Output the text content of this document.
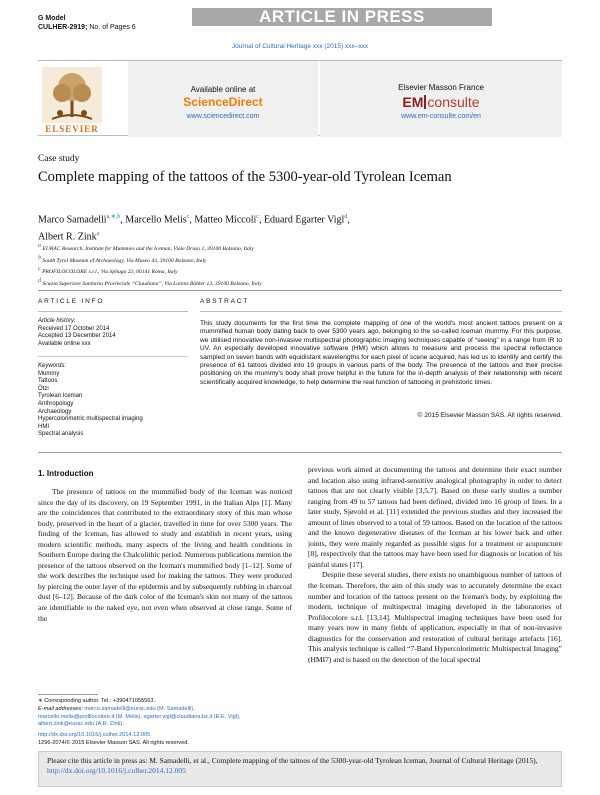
G Model
CULHER-2919; No. of Pages 6
ARTICLE IN PRESS
Journal of Cultural Heritage xxx (2015) xxx–xxx
ELSEVIER
Available online at
ScienceDirect
www.sciencedirect.com
Elsevier Masson France
EM consulte
www.em-consulte.com/en
Case study
Complete mapping of the tattoos of the 5300-year-old Tyrolean Iceman
Marco Samadelli$^{a,∗,b}$, Marcello Melis$^c$, Matteo Miccoli$^c$, Eduard Egarter Vigl$^d$,
Albert R. Zink$^a$
$^a$ EURAC Research, Institute for Mummies and the Iceman, Viale Druso 1, 39100 Bolzano, Italy
$^b$ South Tyrol Museum of Archaeology, Via Museo 43, 39100 Bolzano, Italy
$^c$ PROFILOCOLORE s.r.l., Via Sphuga 22, 00141 Roma, Italy
$^d$ Scuola Superiore Sanitaria Provinciale “Claudiana”, Via Lorenz Böhler 13, 39100 Bolzano, Italy
ARTICLE INFO	ABSTRACT
Article history:
Received 17 October 2014
Accepted 13 December 2014
Available online xxx
Keywords:
Mummy
Tattoos
Ötzi
Tyrolean Iceman
Anthropology
Archaeology
Hypercolorimetric multispectral imaging
HMI
Spectral analysis
This study documents for the first time the complete mapping of one of the world's most ancient tattoos present on a mummified human body dating back to over 5300 years ago, belonging to the so-called Iceman mummy. For this purpose, we utilised innovative non-invasive multispectral photographic imaging techniques capable of “seeing” in a range from IR to UV. An especially developed innovative software (HMI) which allows to measure and process the spectral reflectance sampled on seven bands with equidistant wavelengths for each pixel of scene acquired, has led us to identify and certify the presence of 61 tattoos divided into 19 groups in various parts of the body. The presence of the tattoos and their precise positioning on the mummy's body shall prove helpful in the future for the in-depth analysis of their relationship with recent scientifically acquired knowledge, to help determine the real function of tattooing in prehistoric times.
© 2015 Elsevier Masson SAS. All rights reserved.
1. Introduction

The presence of tattoos on the mummified body of the Iceman was noticed since the day of its discovery, on 19 September 1991, in the Italian Alps [1]. Many are the coincidences that contributed to the extraordinary story of this man whose body, preserved in the heart of a glacier, travelled in time for over 5300 years. The finding of the Iceman, has allowed to study and establish in recent years, using modern scientific methods, many aspects of the living and health conditions in Southern Europe during the Chalcolithic period. Numerous publications mention the presence of the tattoos observed on the Iceman's mummified body [1–12]. Some of the work describes the technique used for making the tattoos. They were produced by piercing the outer layer of the epidermis and by subsequently rubbing in charcoal dust [6–12]. Because of the dark color of the Iceman's skin not many of the tattoos are identifiable to the naked eye, not even when observed at close range. Some of the

previous work aimed at documenting the tattoos and determine their exact number and location also using infrared-sensitive analogical photography in order to detect tattoos that are not clearly visible [3,5,7]. Based on these early studies a number ranging from 49 to 57 tattoos had been defined, divided into 16 group of lines. In a later study, Sjøvold et al. [11] extended the previous studies and they increased the amount of lines observed to a total of 59 tattoos. Based on the location of the tattoos and the known degenerative diseases of the Iceman at his lower back and other joints, they were mainly regarded as possible signs for a treatment or acupuncture [8], respectively that the tattoos may have been used for diagnosis or location of his painful states [17].

Despite these several studies, there exists no unambiguous number of tattoos of the Iceman. Therefore, the aim of this study was to accurately determine the exact number and location of the tattoos present on the Iceman's body, by exploiting the modern, technique of multispectral imaging developed in the laboratories of Profilocolore s.r.l. [13,14]. Multispectral imaging techniques have been used for many years now in many fields of application, especially in that of non-invasive diagnostics for the conservation and restoration of cultural heritage artefacts [16]. This analysis technique is called “7-Band Hypercolorimetric Multispectral Imaging” (HMI7) and is based on the detection of the local spectral

∗ Corresponding author. Tel.: +390471055563.
E-mail addresses: marco.samadelli@eurac.edu (M. Samadelli),
marcello.melis@profilocolore.it (M. Melis), egarter.vigl@claudiana.bz.it (E.E. Vigl),
albert.zink@eurac.edu (A.R. Zink).
http://dx.doi.org/10.1016/j.culher.2014.12.005
1296-2074/© 2015 Elsevier Masson SAS. All rights reserved.
Please cite this article in press as: M. Samadelli, et al., Complete mapping of the tattoos of the 5300-year-old Tyrolean Iceman, Journal of Cultural Heritage (2015), http://dx.doi.org/10.1016/j.culher.2014.12.005
